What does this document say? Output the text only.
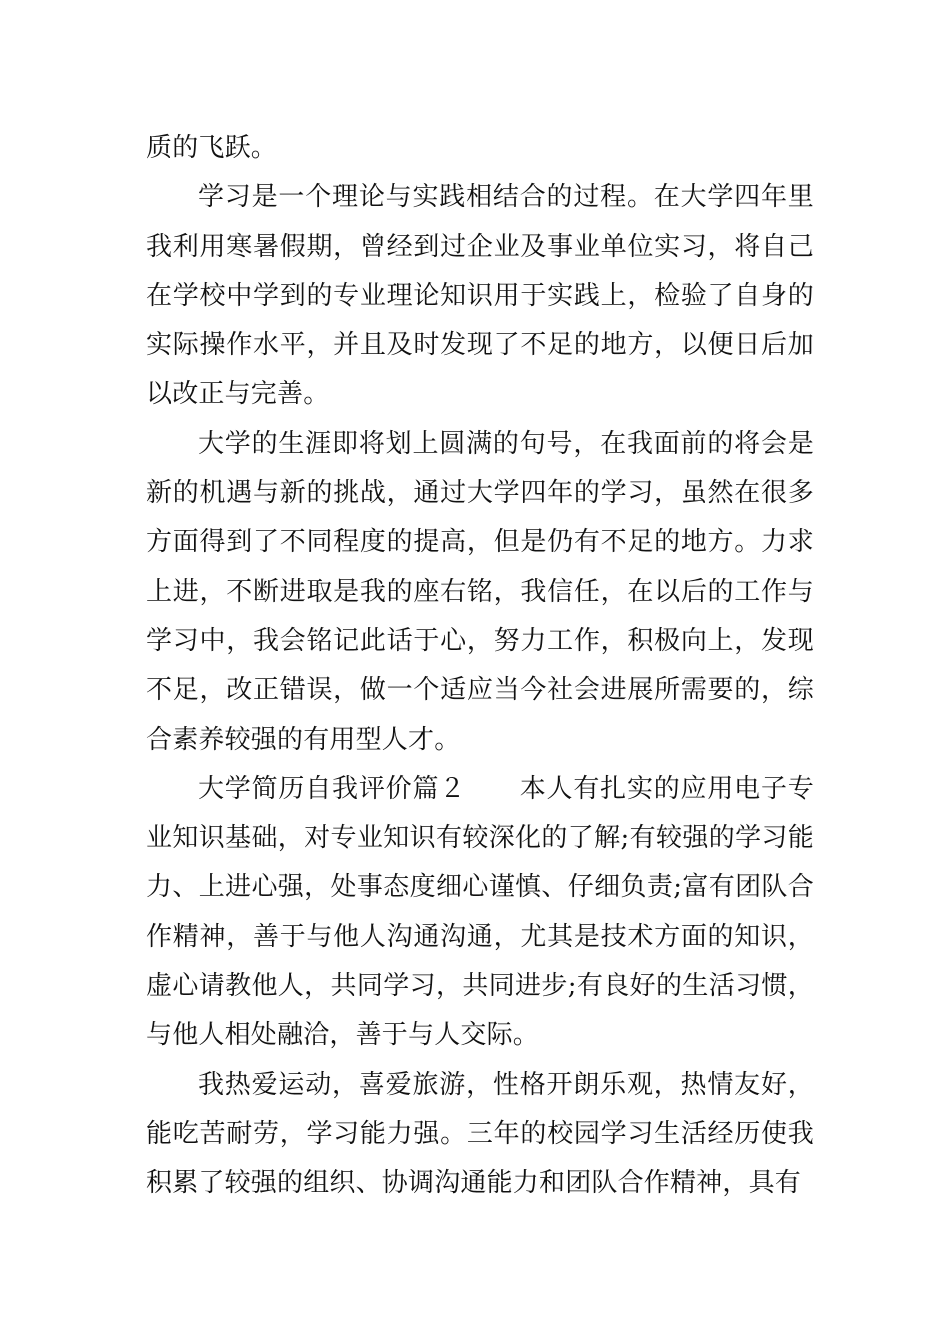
质的飞跃。

学习是一个理论与实践相结合的过程。在大学四年里我利用寒暑假期，曾经到过企业及事业单位实习，将自己在学校中学到的专业理论知识用于实践上，检验了自身的实际操作水平，并且及时发现了不足的地方，以便日后加以改正与完善。

大学的生涯即将划上圆满的句号，在我面前的将会是新的机遇与新的挑战，通过大学四年的学习，虽然在很多方面得到了不同程度的提高，但是仍有不足的地方。力求上进，不断进取是我的座右铭，我信任，在以后的工作与学习中，我会铭记此话于心，努力工作，积极向上，发现不足，改正错误，做一个适应当今社会进展所需要的，综合素养较强的有用型人才。

大学简历自我评价篇２　　本人有扎实的应用电子专业知识基础，对专业知识有较深化的了解;有较强的学习能力、上进心强，处事态度细心谨慎、仔细负责;富有团队合作精神，善于与他人沟通沟通，尤其是技术方面的知识，虚心请教他人，共同学习，共同进步;有良好的生活习惯，与他人相处融洽，善于与人交际。

我热爱运动，喜爱旅游，性格开朗乐观，热情友好，能吃苦耐劳，学习能力强。三年的校园学习生活经历使我积累了较强的组织、协调沟通能力和团队合作精神，具有
